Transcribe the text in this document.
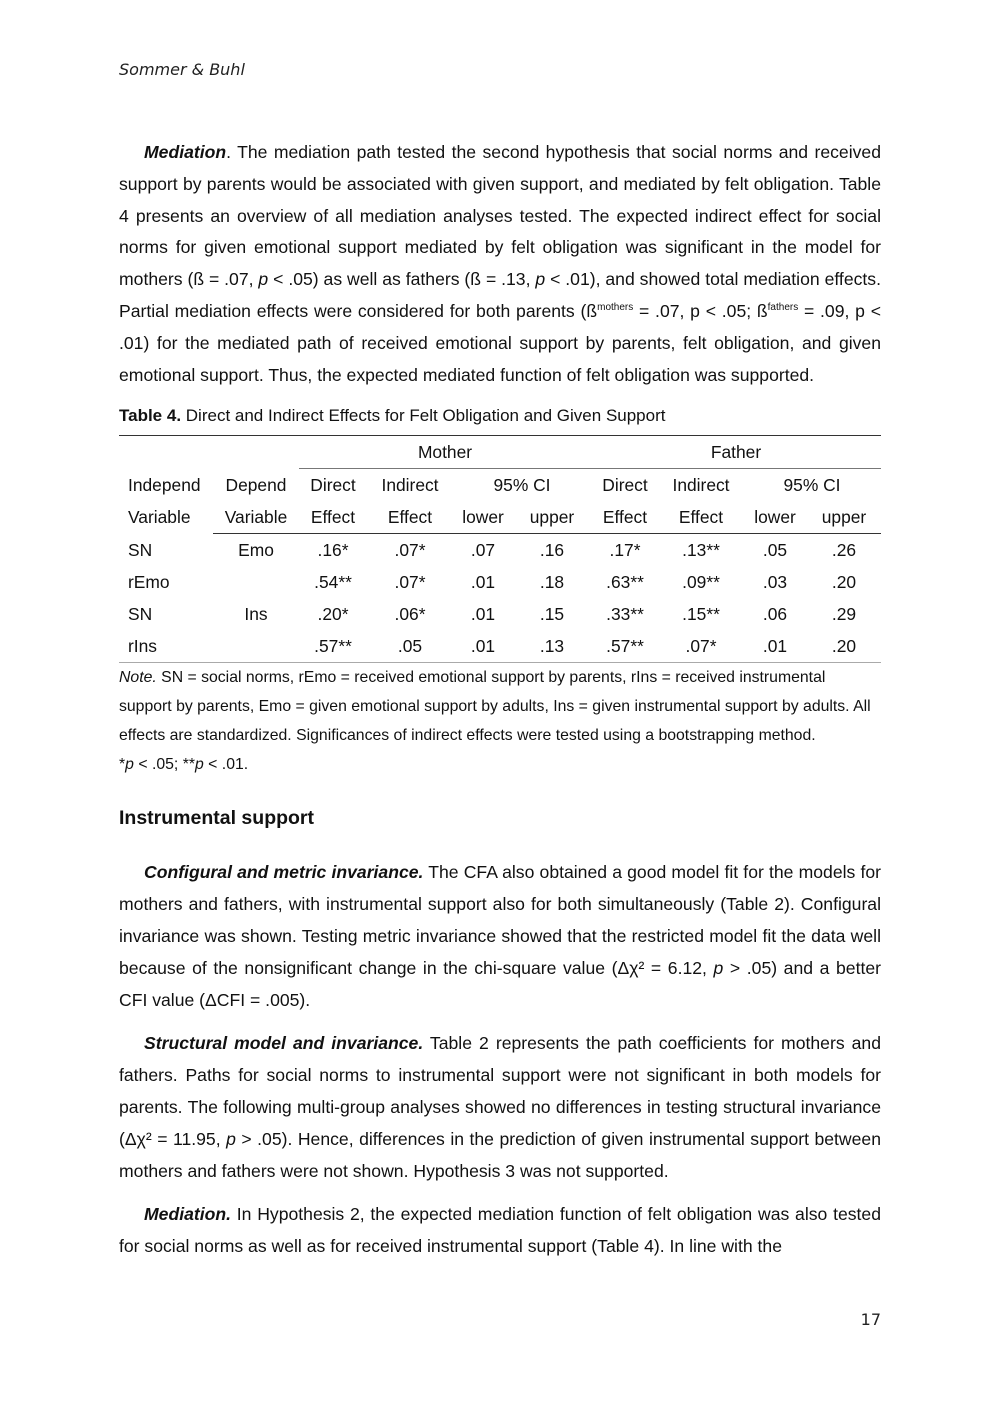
Sommer & Buhl

Mediation. The mediation path tested the second hypothesis that social norms and received support by parents would be associated with given support, and mediated by felt obligation. Table 4 presents an overview of all mediation analyses tested. The expected indirect effect for social norms for given emotional support mediated by felt obligation was significant in the model for mothers (ß = .07, p < .05) as well as fathers (ß = .13, p < .01), and showed total mediation effects. Partial mediation effects were considered for both parents ($ß^{mothers} = .07$, p < .05; $ß^{fathers} = .09$, p < .01) for the mediated path of received emotional support by parents, felt obligation, and given emotional support. Thus, the expected mediated function of felt obligation was supported.

Table 4. Direct and Indirect Effects for Felt Obligation and Given Support
		Mother				Father			
Independ	Depend	Direct	Indirect	95% CI		Direct	Indirect	95% CI	
Variable	Variable	Effect	Effect	lower	upper	Effect	Effect	lower	upper
SN	Emo	.16*	.07*	.07	.16	.17*	.13**	.05	.26
rEmo		.54**	.07*	.01	.18	.63**	.09**	.03	.20
SN	Ins	.20*	.06*	.01	.15	.33**	.15**	.06	.29
rIns		.57**	.05	.01	.13	.57**	.07*	.01	.20
Note. SN = social norms, rEmo = received emotional support by parents, rIns = received instrumental support by parents, Emo = given emotional support by adults, Ins = given instrumental support by adults. All effects are standardized. Significances of indirect effects were tested using a bootstrapping method.
*p < .05; **p < .01.
Instrumental support

Configural and metric invariance. The CFA also obtained a good model fit for the models for mothers and fathers, with instrumental support also for both simultaneously (Table 2). Configural invariance was shown. Testing metric invariance showed that the restricted model fit the data well because of the nonsignificant change in the chi-square value (Δχ² = 6.12, p > .05) and a better CFI value (ΔCFI = .005).

Structural model and invariance. Table 2 represents the path coefficients for mothers and fathers. Paths for social norms to instrumental support were not significant in both models for parents. The following multi-group analyses showed no differences in testing structural invariance (Δχ² = 11.95, p > .05). Hence, differences in the prediction of given instrumental support between mothers and fathers were not shown. Hypothesis 3 was not supported.

Mediation. In Hypothesis 2, the expected mediation function of felt obligation was also tested for social norms as well as for received instrumental support (Table 4). In line with the

17
